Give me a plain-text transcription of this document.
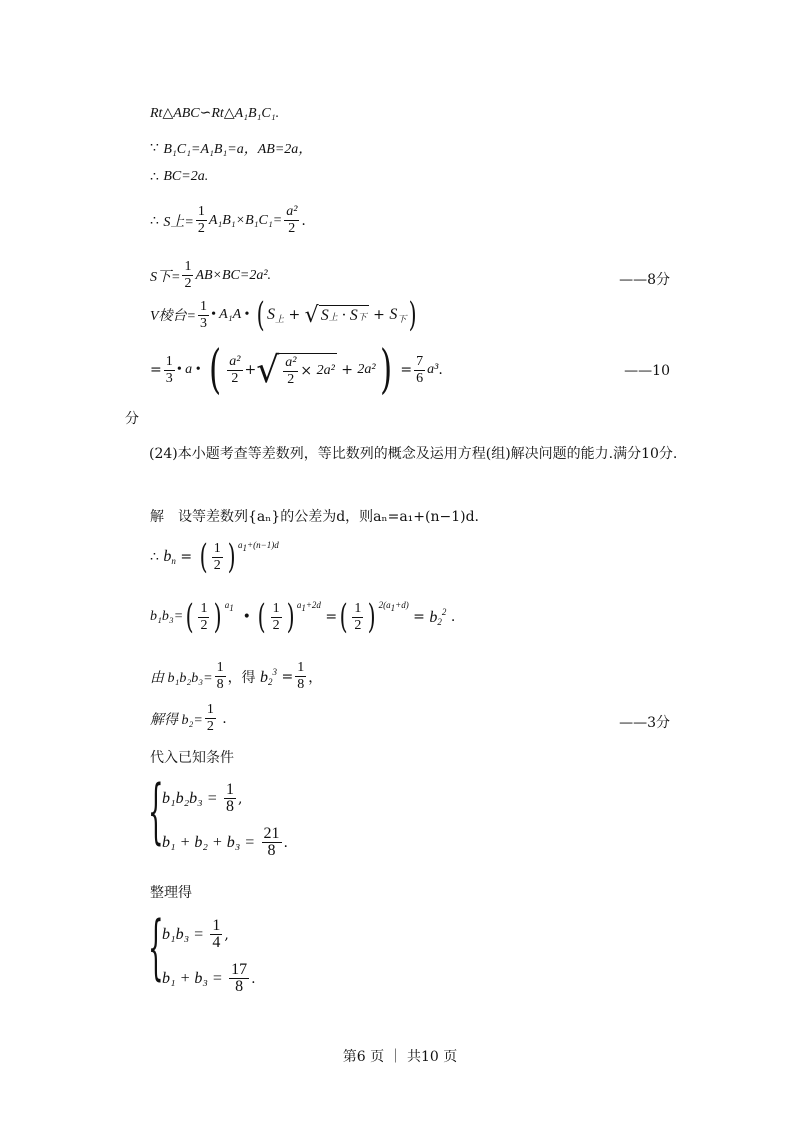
Rt△ABC∽Rt△A₁B₁C₁.
∵
B₁C₁=A₁B₁=a，AB=2a，
∴
BC=2a.
∴
S上= $\frac{1}{2} A_1B_1\times B_1C_1= \frac{\text{a²}}{2}$ .
S下= $\frac{1}{2} AB\times BC=2a^2$.	——8分
V棱台= $\frac{1}{3}$ • A₁A •
( $S_上$ + √ S 上 · S 下 + $S_下$ )
= $\frac{1}{3}$ • a •
( $\frac{\text{a²}}{2}$ + √ $\frac{\text{a²}}{2} \times 2a^2 + 2a^2$ ) = $\frac{7}{6} a^3$ .	——10
分

(24)本小题考查等差数列，等比数列的概念及运用方程(组)解决问题的能力.满分10分.

解　设等差数列{aₙ}的公差为d，则aₙ=a₁+(n−1)d.
∴
$b_n$ = ( $\frac{1}{2}$ ) a1+(n−1)d
b₁b₃= ( $\frac{1}{2}$ ) a1
• ( $\frac{1}{2}$ ) a1+2d
= ( $\frac{1}{2}$ ) 2(a1+d)
= $b_2^2$ .
由 $b_1b_2b_3= \frac{1}{8}$ ，得
$b_2^3 = \frac{1}{8}$ ，
解得 $b_2= \frac{1}{2}$ .	——3分
代入已知条件
{
b₁b₂b₃ =
$\frac{1}{8}$ ,
b₁ + b₂ + b₃ =
$\frac{21}{8}$ .
整理得
{
b₁b₃ =
$\frac{1}{4}$ ,
b₁ + b₃ =
$\frac{17}{8}$ .
第6 页 ｜ 共10 页
